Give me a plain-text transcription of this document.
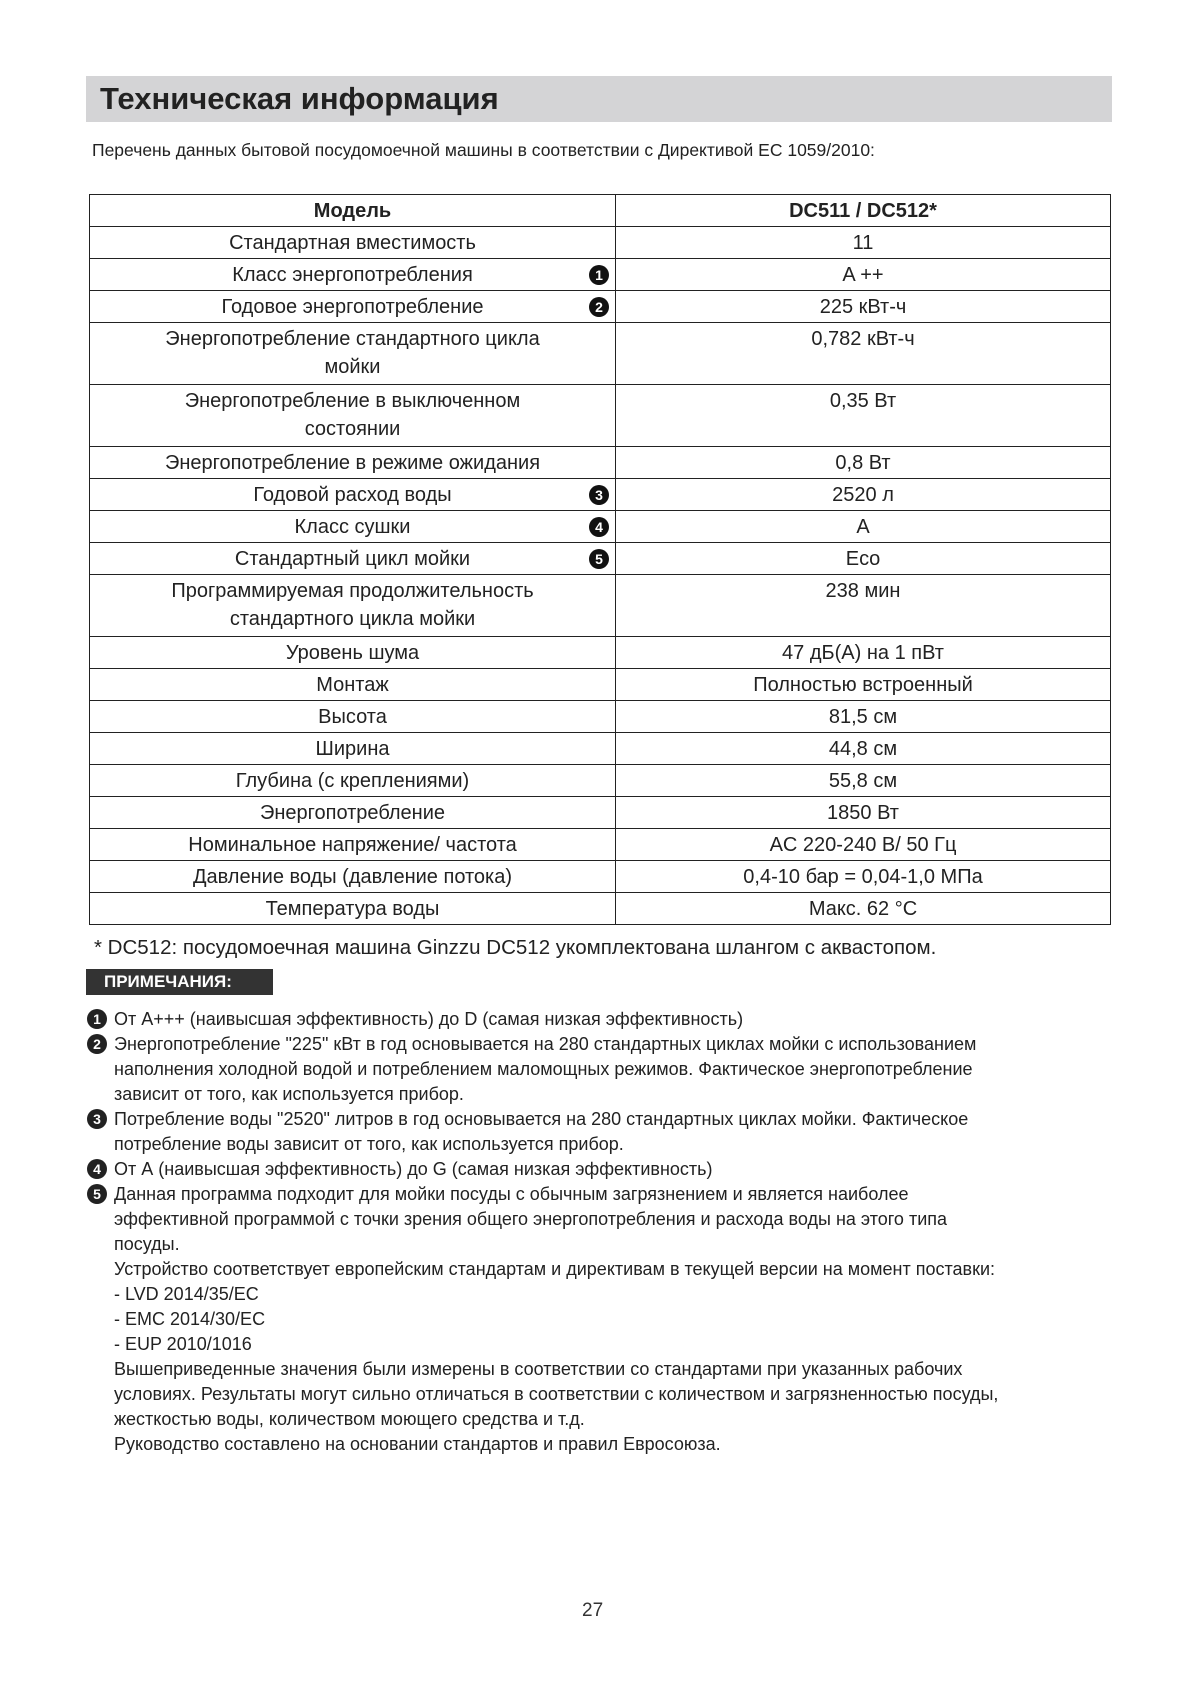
Техническая информация
Перечень данных бытовой посудомоечной машины в соответствии с Директивой ЕС 1059/2010:
Модель	DC511 / DC512*
Стандартная вместимость	11
Класс энергопотребления 1	A ++
Годовое энергопотребление 2	225 кВт-ч
Энергопотребление стандартного цикла
мойки	0,782 кВт-ч
Энергопотребление в выключенном
состоянии	0,35 Вт
Энергопотребление в режиме ожидания	0,8 Вт
Годовой расход воды 3	2520 л
Класс сушки 4	A
Стандартный цикл мойки 5	Eco
Программируемая продолжительность
стандартного цикла мойки	238 мин
Уровень шума	47 дБ(А) на 1 пВт
Монтаж	Полностью встроенный
Высота	81,5 см
Ширина	44,8 см
Глубина (с креплениями)	55,8 см
Энергопотребление	1850 Вт
Номинальное напряжение/ частота	AC 220-240 В/ 50 Гц
Давление воды (давление потока)	0,4-10 бар = 0,04-1,0 МПа
Температура воды	Макс. 62 °C
* DC512: посудомоечная машина Ginzzu DC512 укомплектована шлангом с аквастопом.
ПРИМЕЧАНИЯ:
1 От А+++ (наивысшая эффективность) до D (самая низкая эффективность)
2 Энергопотребление "225" кВт в год основывается на 280 стандартных циклах мойки с использованием
наполнения холодной водой и потреблением маломощных режимов. Фактическое энергопотребление
зависит от того, как используется прибор.
3 Потребление воды "2520" литров в год основывается на 280 стандартных циклах мойки. Фактическое
потребление воды зависит от того, как используется прибор.
4 От А (наивысшая эффективность) до G (самая низкая эффективность)
5 Данная программа подходит для мойки посуды с обычным загрязнением и является наиболее
эффективной программой с точки зрения общего энергопотребления и расхода воды на этого типа
посуды.
Устройство соответствует европейским стандартам и директивам в текущей версии на момент поставки:
- LVD 2014/35/EC
- EMC 2014/30/EC
- EUP 2010/1016
Вышеприведенные значения были измерены в соответствии со стандартами при указанных рабочих
условиях. Результаты могут сильно отличаться в соответствии с количеством и загрязненностью посуды,
жесткостью воды, количеством моющего средства и т.д.
Руководство составлено на основании стандартов и правил Евросоюза.
27
